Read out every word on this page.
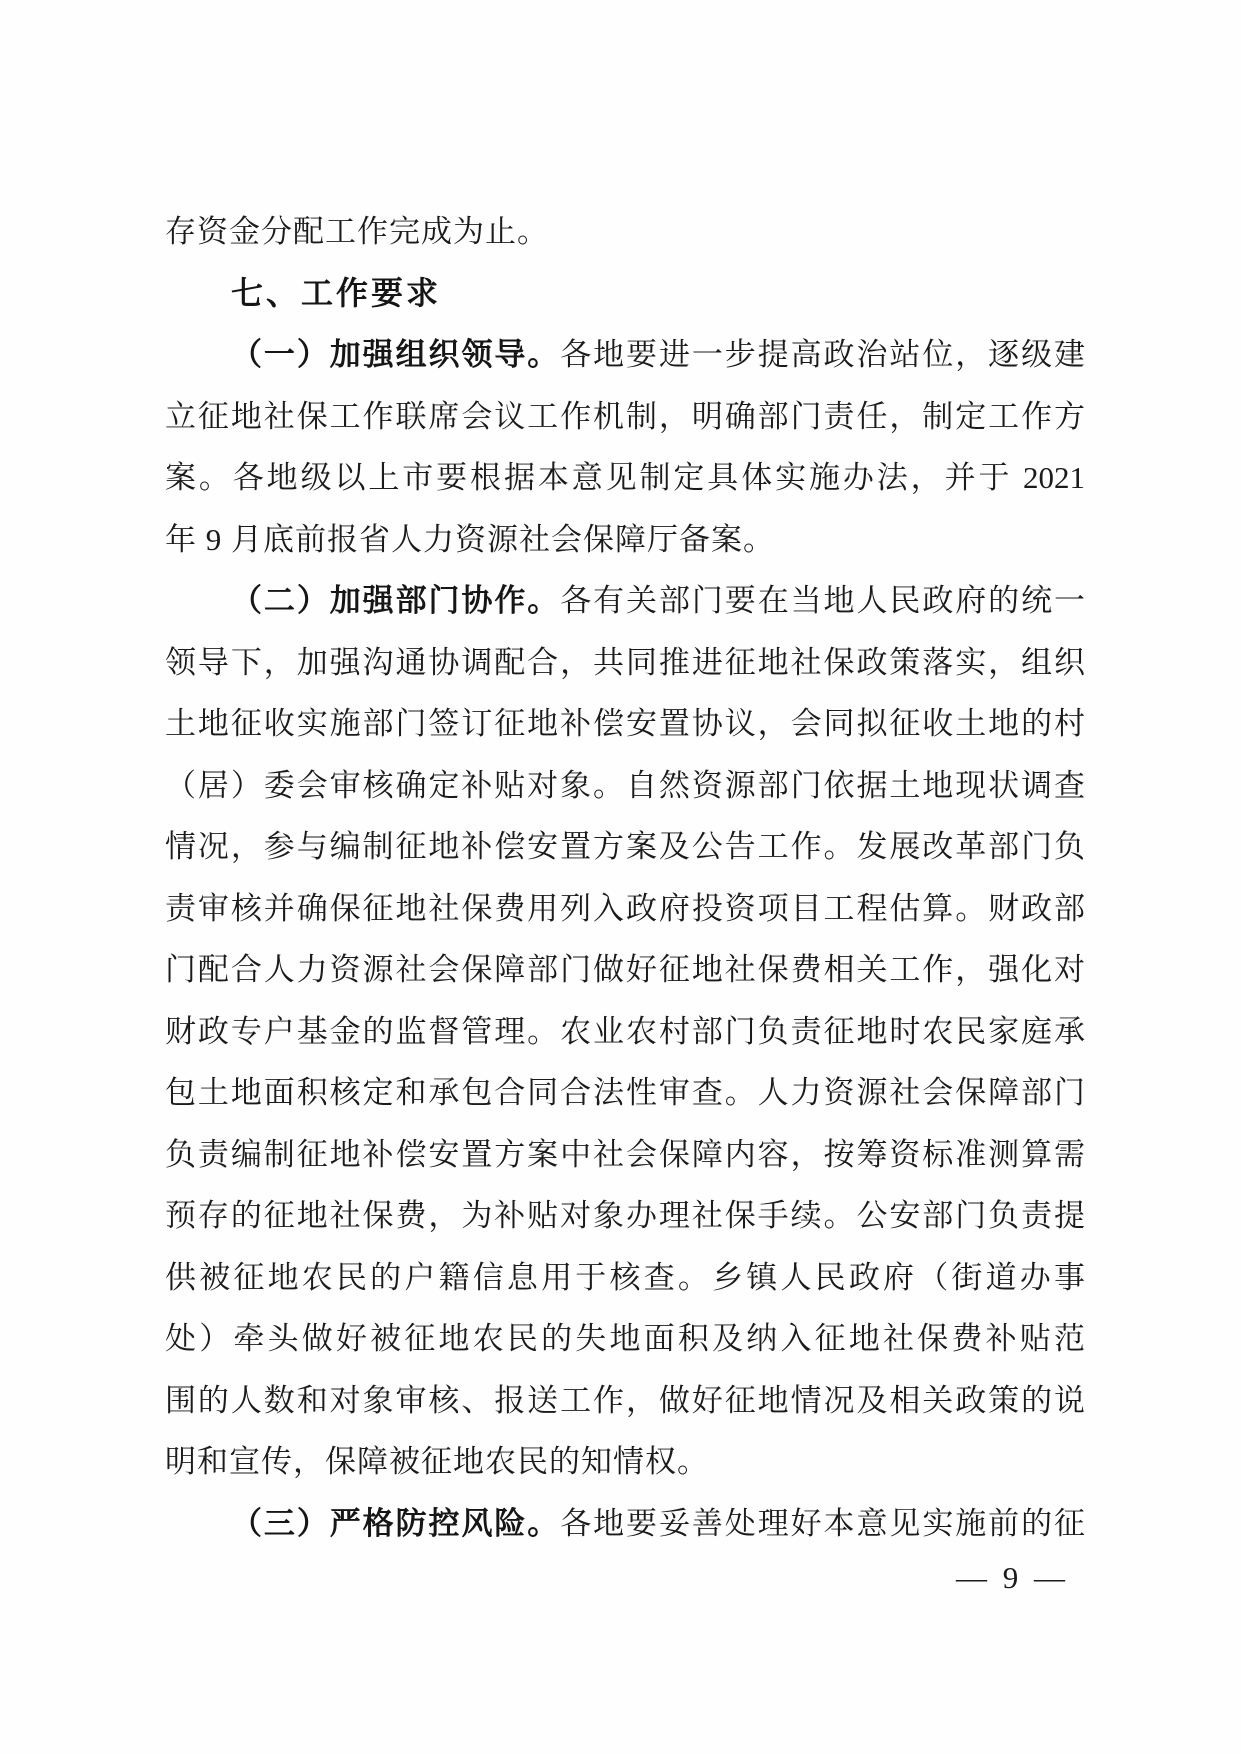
存资金分配工作完成为止。
七、工作要求
（一）加强组织领导。各地要进一步提高政治站位，逐级建
立征地社保工作联席会议工作机制，明确部门责任，制定工作方
案。各地级以上市要根据本意见制定具体实施办法，并于 2021
年 9 月底前报省人力资源社会保障厅备案。
（二）加强部门协作。各有关部门要在当地人民政府的统一
领导下，加强沟通协调配合，共同推进征地社保政策落实，组织
土地征收实施部门签订征地补偿安置协议，会同拟征收土地的村
（居）委会审核确定补贴对象。自然资源部门依据土地现状调查
情况，参与编制征地补偿安置方案及公告工作。发展改革部门负
责审核并确保征地社保费用列入政府投资项目工程估算。财政部
门配合人力资源社会保障部门做好征地社保费相关工作，强化对
财政专户基金的监督管理。农业农村部门负责征地时农民家庭承
包土地面积核定和承包合同合法性审查。人力资源社会保障部门
负责编制征地补偿安置方案中社会保障内容，按筹资标准测算需
预存的征地社保费，为补贴对象办理社保手续。公安部门负责提
供被征地农民的户籍信息用于核查。乡镇人民政府（街道办事
处）牵头做好被征地农民的失地面积及纳入征地社保费补贴范
围的人数和对象审核、报送工作，做好征地情况及相关政策的说
明和宣传，保障被征地农民的知情权。
（三）严格防控风险。各地要妥善处理好本意见实施前的征
— 9 —
